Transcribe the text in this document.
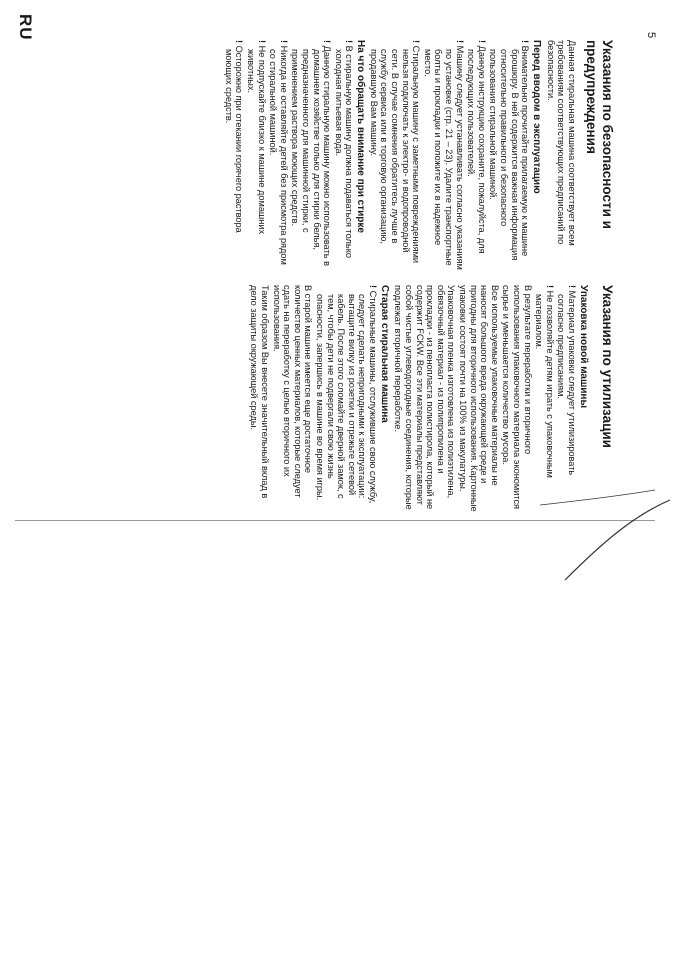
RU	5
Указания по безопасности и предупреждения
Данная стиральная машина соответствует всем требованиям соответствующих предписаний по безопасности.
Перед вводом в эксплуатацию
! Внимательно прочитайте прилагаемую к машине брошюру. В ней содержится важная информация относительно правильного и безопасного пользования стиральной машиной.
! Данную инструкцию сохраните, пожалуйста, для последующих пользователей.
! Машину следует устанавливать согласно указаниям по установке (стр. 21 – 23). Удалите транспортные болты и прокладки и положите их в надежное место.
! Стиральную машину с заметными повреждениями нельзя подключать к электро- и водопроводной сети. В случае сомнения обратитесь лучше в службу сервиса или в торговую организацию, продавшую Вам машину.
На что обращать внимание при стирке
! В стиральную машину должна подаваться только холодная питьевая вода.
! Данную стиральную машину можно использовать в домашнем хозяйстве только для стирки белья, предназначенного для машинной стирки, с применением раствора моющих средств.
! Никогда не оставляйте детей без присмотра рядом со стиральной машиной.
! Не подпускайте близко к машине домашних животных.
! Осторожно при отекании горячего раствора моющих средств.
Указания по утилизации
Упаковка новой машины
! Материал упаковки следует утилизировать согласно предписаниям.
! Не позволяйте детям играть с упаковочным материалом.
В результате переработки и вторичного использования упаковочного материала экономится сырье и уменьшается количество мусора.
Все используемые упаковочные материалы не наносят большого вреда окружающей среде и пригодны для вторичного использования. Картонные упаковки состоят почти на 100% из макулатуры.
Упаковочная пленка изготовлена из полиэтилена, обвязочный материал - из полипропилена и прокладки - из пенопласта полистирола, который не содержит FCKW. Все эти материалы представляют собой чистые углеводородные соединения, которые подлежат вторичной переработке.
Старая стиральная машина
! Стиральные машины, отслужившие свою службу, следует сделать непригодными к эксплуатации: вытащите вилку из розетки и отрежьте сетевой кабель. После этого сломайте дверной замок, с тем, чтобы дети не подвергали свою жизнь опасности, запершись в машине во время игры.
В старой машине имеется еще достаточное количество ценных материалов, которые следует сдать на переработку с целью вторичного их использования.
Таким образом Вы внесете значительный вклад в дело защиты окружающей среды.
